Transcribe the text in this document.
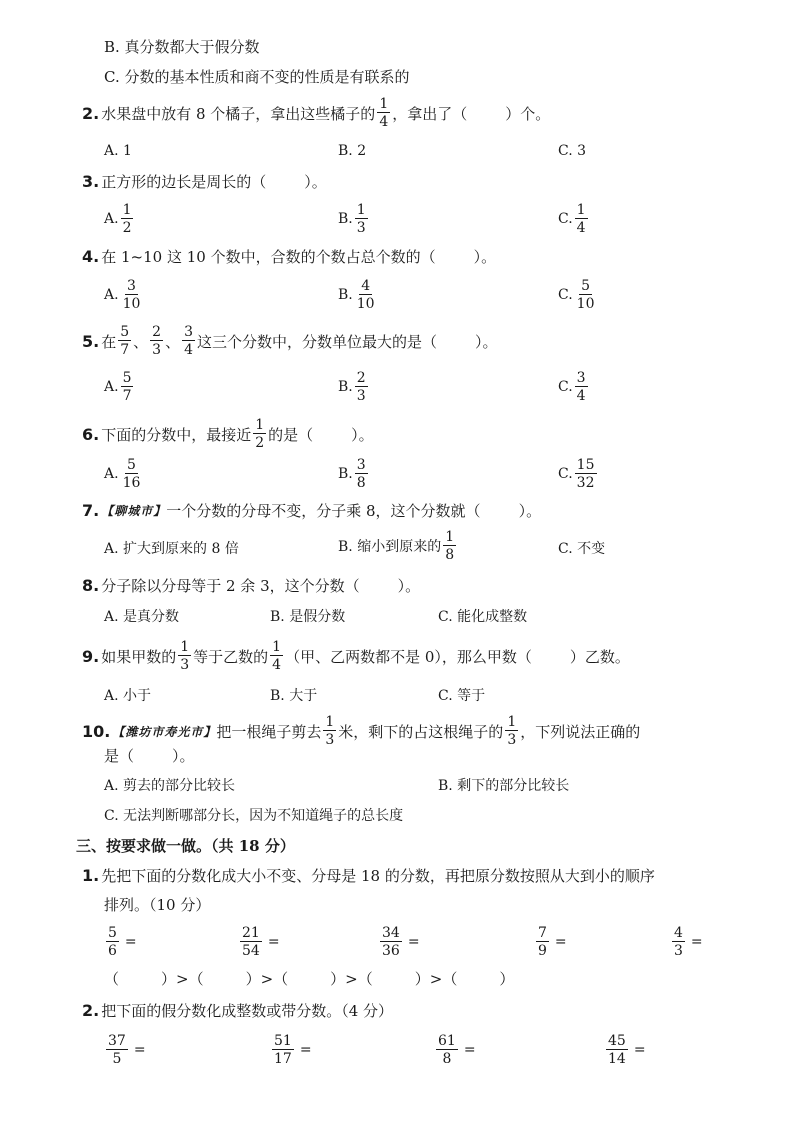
B. 真分数都大于假分数
C. 分数的基本性质和商不变的性质是有联系的
2. 水果盘中放有 8 个橘子，拿出这些橘子的 $\frac{1}{4}$ ，拿出了（	）个。
A. 1	B. 2	C. 3
3. 正方形的边长是周长的（	）。
A. $\frac{1}{2}$	B. $\frac{1}{3}$	C. $\frac{1}{4}$
4. 在 1~10 这 10 个数中，合数的个数占总个数的（	）。
A. $\frac{3}{10}$	B. $\frac{4}{10}$	C. $\frac{5}{10}$
5. 在 $\frac{5}{7}$ 、 $\frac{2}{3}$ 、 $\frac{3}{4}$ 这三个分数中，分数单位最大的是（	）。
A. $\frac{5}{7}$	B. $\frac{2}{3}$	C. $\frac{3}{4}$
6. 下面的分数中，最接近 $\frac{1}{2}$ 的是（	）。
A. $\frac{5}{16}$	B. $\frac{3}{8}$	C. $\frac{15}{32}$
7. 【聊城市】 一个分数的分母不变，分子乘 8，这个分数就（	）。
A. 扩大到原来的 8 倍	B. 缩小到原来的 $\frac{1}{8}$	C. 不变
8. 分子除以分母等于 2 余 3，这个分数（	）。
A. 是真分数	B. 是假分数	C. 能化成整数
9. 如果甲数的 $\frac{1}{3}$ 等于乙数的 $\frac{1}{4}$ （甲、乙两数都不是 0），那么甲数（	）乙数。
A. 小于	B. 大于	C. 等于
10. 【潍坊市寿光市】 把一根绳子剪去 $\frac{1}{3}$ 米，剩下的占这根绳子的 $\frac{1}{3}$ ，下列说法正确的
是（	）。
A. 剪去的部分比较长	B. 剩下的部分比较长
C. 无法判断哪部分长，因为不知道绳子的总长度
三、按要求做一做。（共 18 分）
1. 先把下面的分数化成大小不变、分母是 18 的分数，再把原分数按照从大到小的顺序
排列。（10 分）
$\frac{5}{6}$ =	$\frac{21}{54}$ =	$\frac{34}{36}$ =	$\frac{7}{9}$ =	$\frac{4}{3}$ =
（	）>（	）>（	）>（	）>（	）
2. 把下面的假分数化成整数或带分数。（4 分）
$\frac{37}{5}$ =	$\frac{51}{17}$ =	$\frac{61}{8}$ =	$\frac{45}{14}$ =
